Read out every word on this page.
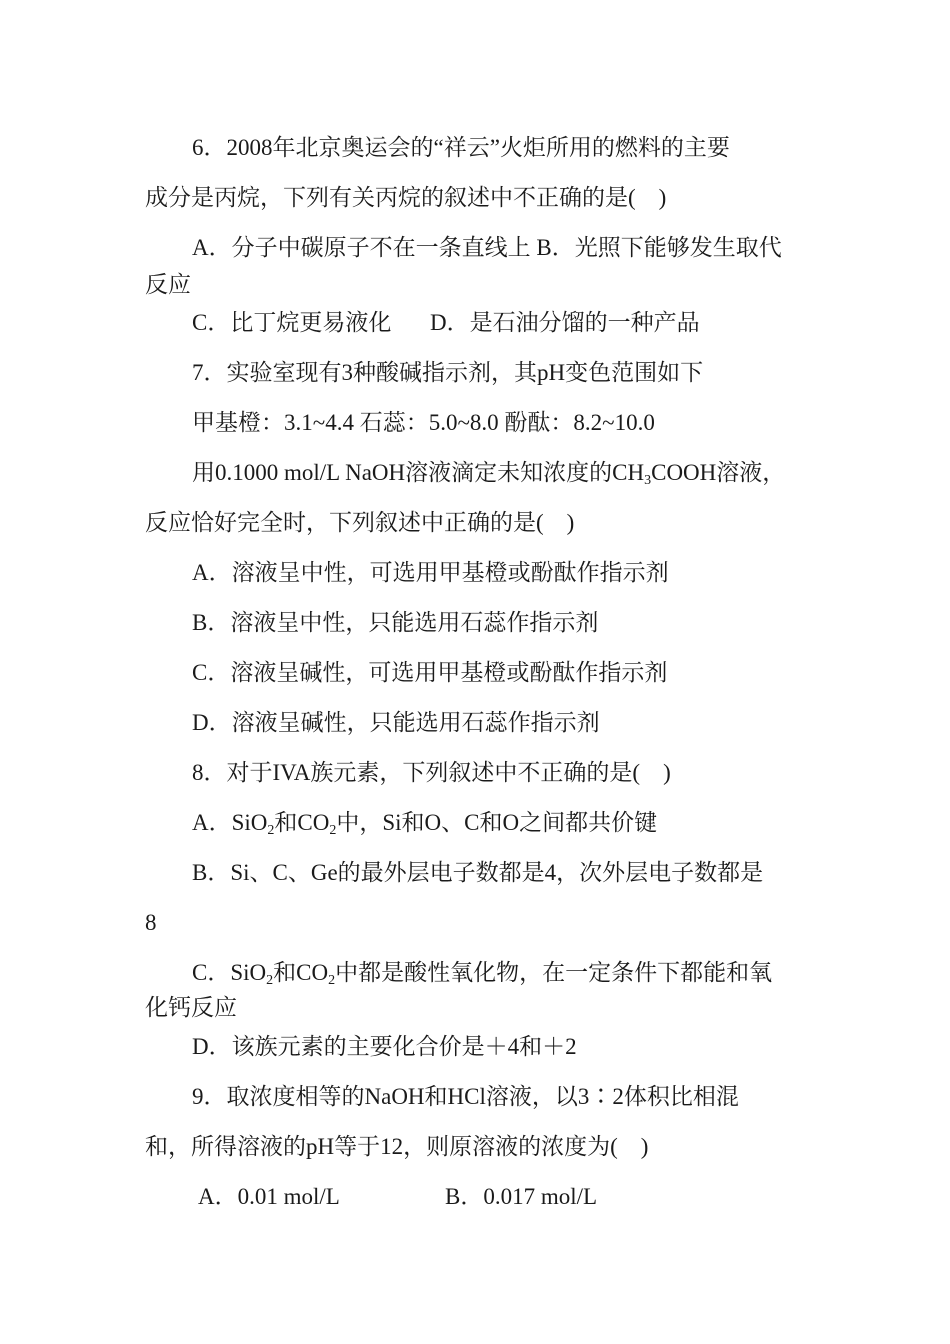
6．2008年北京奥运会的“祥云”火炬所用的燃料的主要
成分是丙烷，下列有关丙烷的叙述中不正确的是(　)
A．分子中碳原子不在一条直线上 B．光照下能够发生取代
反应
C．比丁烷更易液化 D．是石油分馏的一种产品
7．实验室现有3种酸碱指示剂，其pH变色范围如下
甲基橙：3.1~4.4 石蕊：5.0~8.0 酚酞：8.2~10.0
用0.1000 mol/L NaOH溶液滴定未知浓度的$CH_3COOH$溶液，
反应恰好完全时，下列叙述中正确的是(　)
A．溶液呈中性，可选用甲基橙或酚酞作指示剂
B．溶液呈中性，只能选用石蕊作指示剂
C．溶液呈碱性，可选用甲基橙或酚酞作指示剂
D．溶液呈碱性，只能选用石蕊作指示剂
8．对于IVA族元素，下列叙述中不正确的是(　)
A．SiO$_2$和$CO_2$中，Si和O、C和O之间都共价键
B．Si、C、Ge的最外层电子数都是4，次外层电子数都是
8
C．SiO$_2$和$CO_2$中都是酸性氧化物，在一定条件下都能和氧
化钙反应
D．该族元素的主要化合价是＋4和＋2
9．取浓度相等的NaOH和HCl溶液，以3∶2体积比相混
和，所得溶液的pH等于12，则原溶液的浓度为(　)
A．0.01 mol/L	B．0.017 mol/L
